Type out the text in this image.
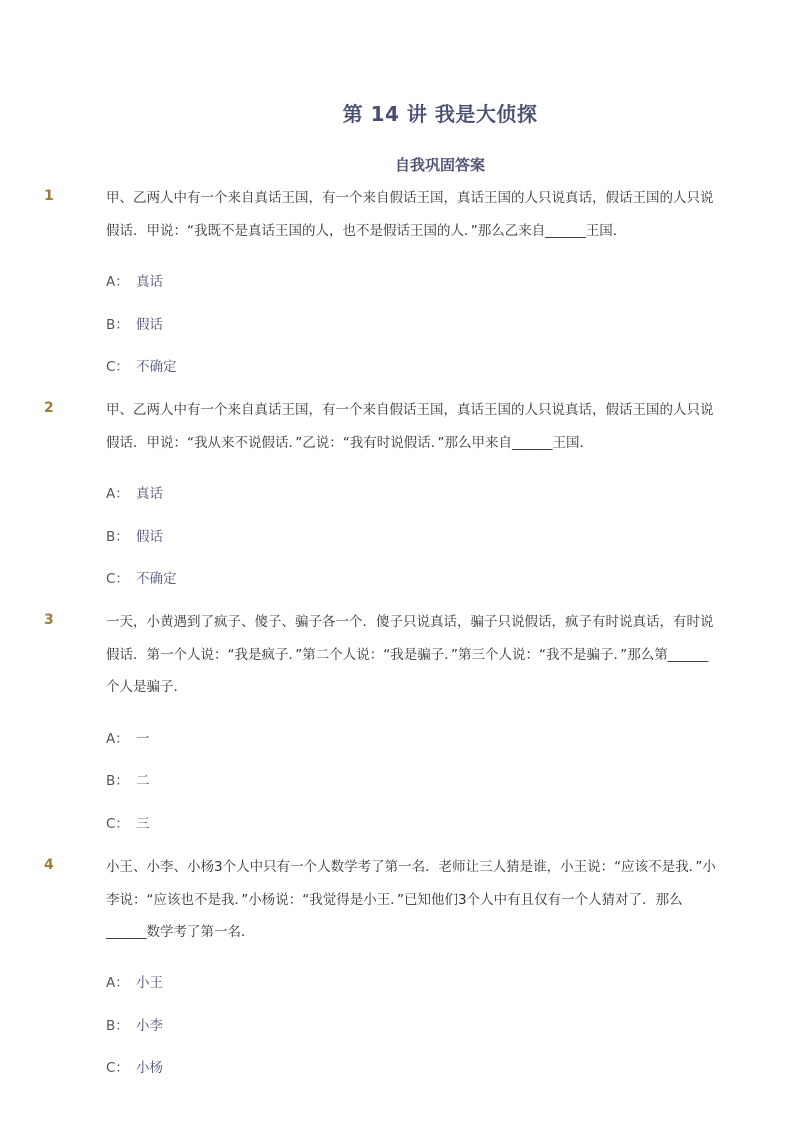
第 14 讲 我是大侦探
自我巩固答案
1	甲、乙两人中有一个来自真话王国，有一个来自假话王国，真话王国的人只说真话，假话王国的人只说假话．甲说：“我既不是真话王国的人，也不是假话王国的人．”那么乙来自______王国．
A： 真话
B： 假话
C： 不确定
2	甲、乙两人中有一个来自真话王国，有一个来自假话王国，真话王国的人只说真话，假话王国的人只说假话．甲说：“我从来不说假话．”乙说：“我有时说假话．”那么甲来自______王国．
A： 真话
B： 假话
C： 不确定
3	一天，小黄遇到了疯子、傻子、骗子各一个．傻子只说真话，骗子只说假话，疯子有时说真话，有时说假话．第一个人说：“我是疯子．”第二个人说：“我是骗子．”第三个人说：“我不是骗子．”那么第______个人是骗子．
A： 一
B： 二
C： 三
4	小王、小李、小杨3个人中只有一个人数学考了第一名．老师让三人猜是谁，小王说：“应该不是我．”小李说：“应该也不是我．”小杨说：“我觉得是小王．”已知他们3个人中有且仅有一个人猜对了．那么______数学考了第一名．
A： 小王
B： 小李
C： 小杨
